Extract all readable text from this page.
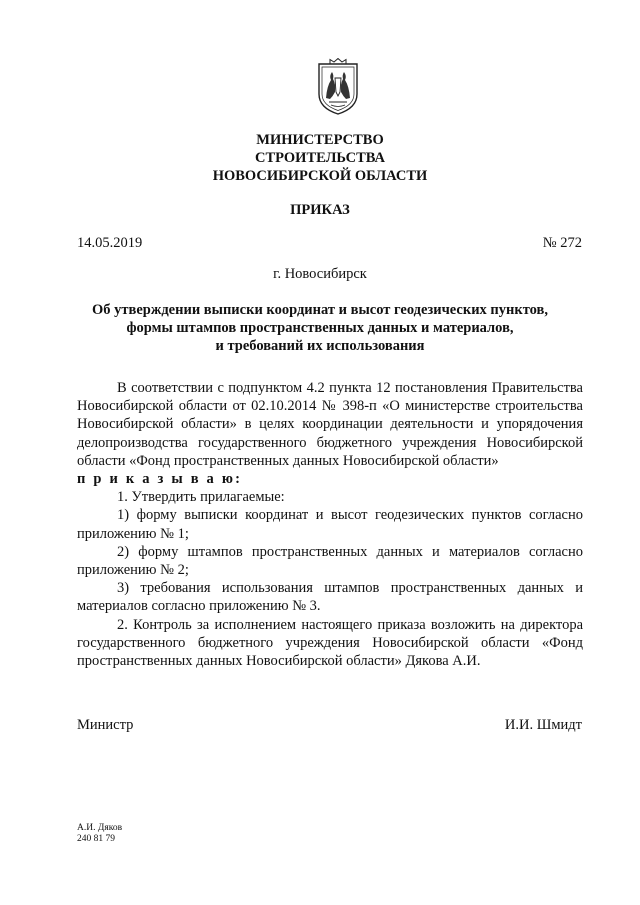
МИНИСТЕРСТВО
СТРОИТЕЛЬСТВА
НОВОСИБИРСКОЙ ОБЛАСТИ
ПРИКАЗ
14.05.2019	№ 272
г. Новосибирск
Об утверждении выписки координат и высот геодезических пунктов,
формы штампов пространственных данных и материалов,
и требований их использования

В соответствии с подпунктом 4.2 пункта 12 постановления Правительства Новосибирской области от 02.10.2014 № 398-п «О министерстве строительства Новосибирской области» в целях координации деятельности и упорядочения делопроизводства государственного бюджетного учреждения Новосибирской области «Фонд пространственных данных Новосибирской области»

п р и к а з ы в а ю:

1. Утвердить прилагаемые:

1) форму выписки координат и высот геодезических пунктов согласно приложению № 1;

2) форму штампов пространственных данных и материалов согласно приложению № 2;

3) требования использования штампов пространственных данных и материалов согласно приложению № 3.

2. Контроль за исполнением настоящего приказа возложить на директора государственного бюджетного учреждения Новосибирской области «Фонд пространственных данных Новосибирской области» Дякова А.И.

Министр	И.И. Шмидт
А.И. Дяков
240 81 79
